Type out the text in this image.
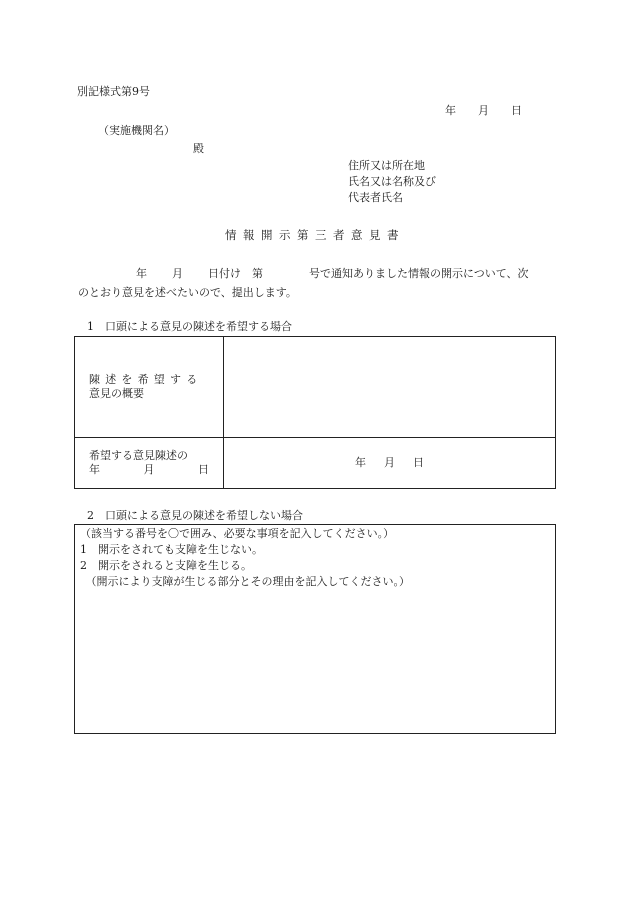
別記様式第9号
年 月 日
（実施機関名）
殿
住所又は所在地
氏名又は名称及び
代表者氏名
情報開示第三者意見書
年 月 日付け 第	号で通知ありました情報の開示について、次
のとおり意見を述べたいので、提出します。
1　口頭による意見の陳述を希望する場合
陳述を希望する
意見の概要	

希望する意見陳述の
年 月 日	年 月 日
2　口頭による意見の陳述を希望しない場合
（該当する番号を〇で囲み、必要な事項を記入してください。）
1　開示をされても支障を生じない。
2　開示をされると支障を生じる。
　（開示により支障が生じる部分とその理由を記入してください。）
